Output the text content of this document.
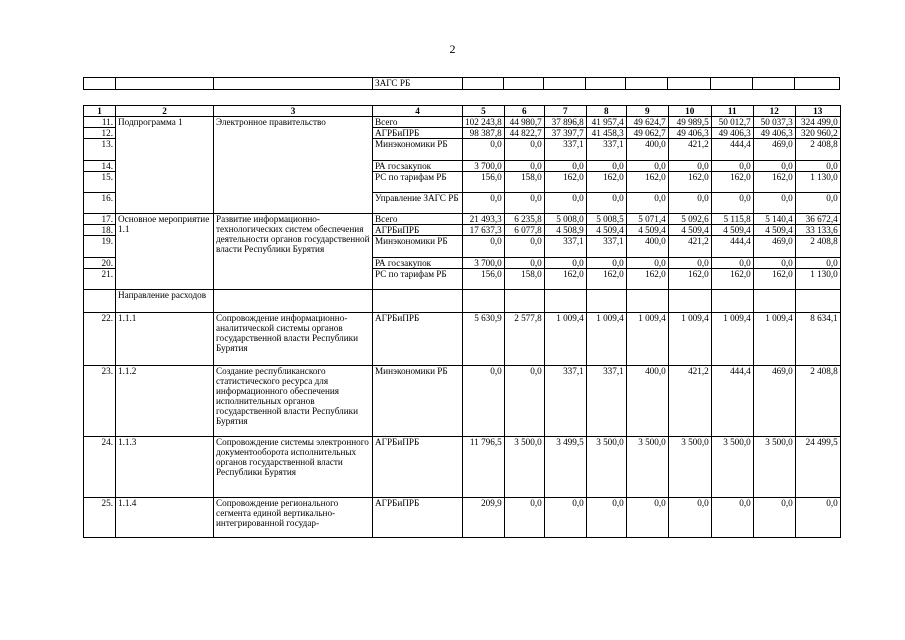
2
			ЗАГС РБ									
1	2	3	4	5	6	7	8	9	10	11	12	13
11.	Подпрограмма 1	Электронное правительство	Всего	102 243,8	44 980,7	37 896,8	41 957,4	49 624,7	49 989,5	50 012,7	50 037,3	324 499,0
12.			АГРБиПРБ	98 387,8	44 822,7	37 397,7	41 458,3	49 062,7	49 406,3	49 406,3	49 406,3	320 960,2
13.			Минэкономики РБ	0,0	0,0	337,1	337,1	400,0	421,2	444,4	469,0	2 408,8
14.			РА госзакупок	3 700,0	0,0	0,0	0,0	0,0	0,0	0,0	0,0	0,0
15.			РС по тарифам РБ	156,0	158,0	162,0	162,0	162,0	162,0	162,0	162,0	1 130,0
16.			Управление ЗАГС РБ	0,0	0,0	0,0	0,0	0,0	0,0	0,0	0,0	0,0
17.	Основное мероприятие 1.1	Развитие информационно-технологических систем обеспечения деятельности органов государственной власти Республики Бурятия	Всего	21 493,3	6 235,8	5 008,0	5 008,5	5 071,4	5 092,6	5 115,8	5 140,4	36 672,4
18.			АГРБиПРБ	17 637,3	6 077,8	4 508,9	4 509,4	4 509,4	4 509,4	4 509,4	4 509,4	33 133,6
19.			Минэкономики РБ	0,0	0,0	337,1	337,1	400,0	421,2	444,4	469,0	2 408,8
20.			РА госзакупок	3 700,0	0,0	0,0	0,0	0,0	0,0	0,0	0,0	0,0
21.			РС по тарифам РБ	156,0	158,0	162,0	162,0	162,0	162,0	162,0	162,0	1 130,0
	Направление расходов											
22.	1.1.1	Сопровождение информационно-аналитической системы органов государственной власти Республики Бурятия	АГРБиПРБ	5 630,9	2 577,8	1 009,4	1 009,4	1 009,4	1 009,4	1 009,4	1 009,4	8 634,1
23.	1.1.2	Создание республиканского статистического ресурса для информационного обеспечения исполнительных органов государственной власти Республики Бурятия	Минэкономики РБ	0,0	0,0	337,1	337,1	400,0	421,2	444,4	469,0	2 408,8
24.	1.1.3	Сопровождение системы электронного документооборота исполнительных органов государственной власти Республики Бурятия	АГРБиПРБ	11 796,5	3 500,0	3 499,5	3 500,0	3 500,0	3 500,0	3 500,0	3 500,0	24 499,5
25.	1.1.4	Сопровождение регионального сегмента единой вертикально-интегрированной государ-	АГРБиПРБ	209,9	0,0	0,0	0,0	0,0	0,0	0,0	0,0	0,0
